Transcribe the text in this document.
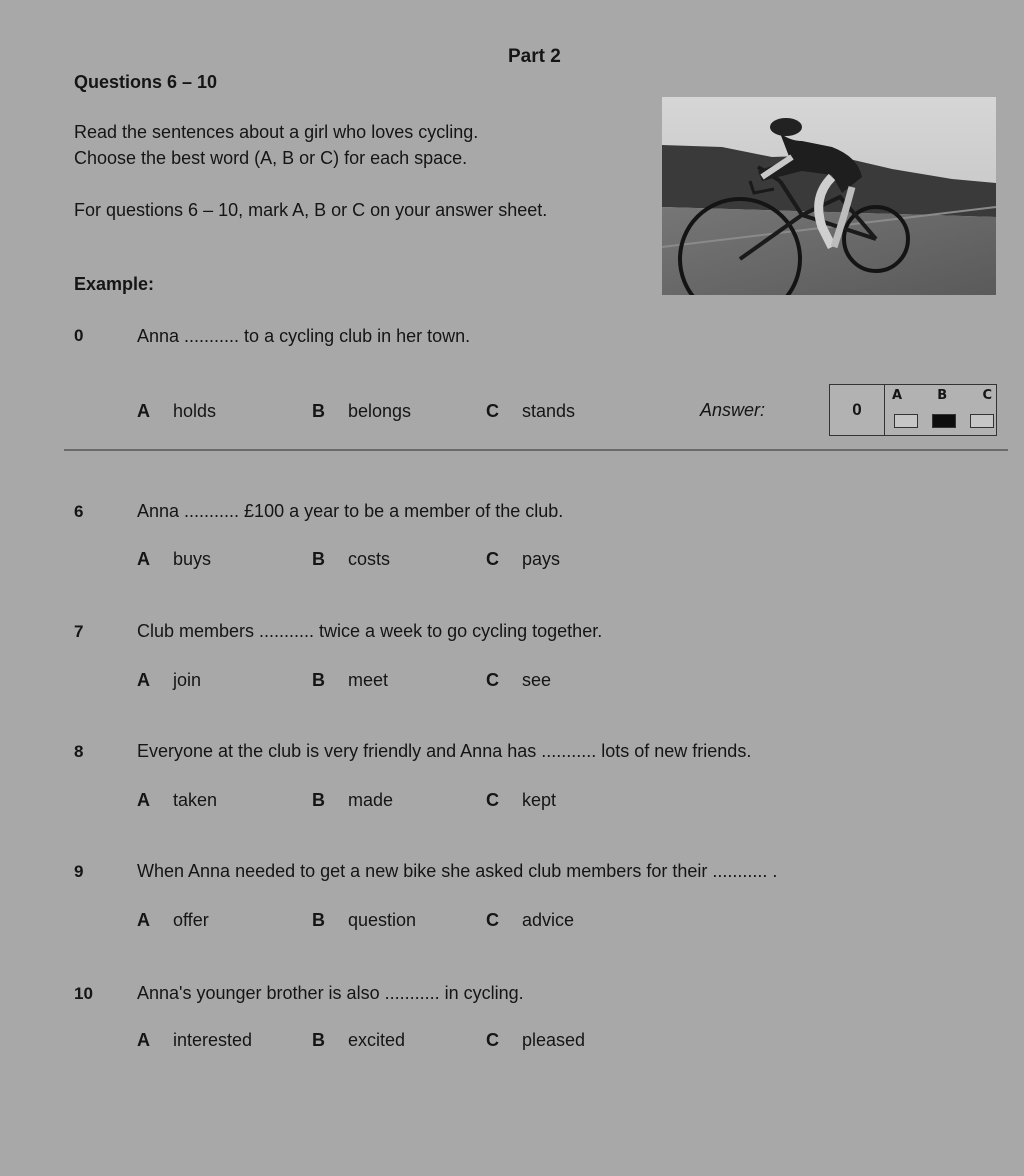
Part 2
Questions 6 – 10
Read the sentences about a girl who loves cycling.
Choose the best word (A, B or C) for each space.
For questions 6 – 10, mark A, B or C on your answer sheet.
Example:
0	Anna ........... to a cycling club in her town.
A holds	B belongs	C stands	Answer:	0
A	B	C
6	Anna ........... £100 a year to be a member of the club.
A buys	B costs	C pays
7	Club members ........... twice a week to go cycling together.
A join	B meet	C see
8	Everyone at the club is very friendly and Anna has ........... lots of new friends.
A taken	B made	C kept
9	When Anna needed to get a new bike she asked club members for their ........... .
A offer	B question	C advice
10 Anna's younger brother is also ........... in cycling.
A interested	B excited	C pleased
